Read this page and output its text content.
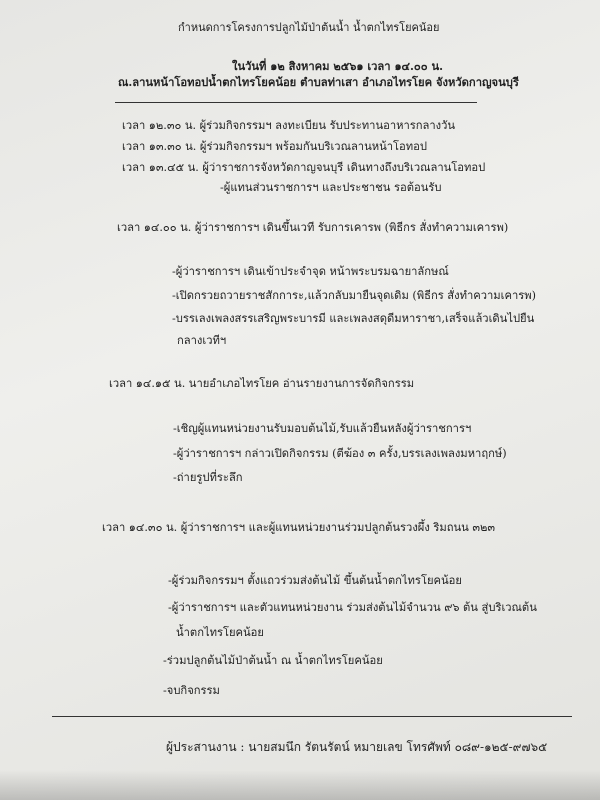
กำหนดการโครงการปลูกไม้ป่าต้นน้ำ น้ำตกไทรโยคน้อย
ในวันที่ ๑๒ สิงหาคม ๒๕๖๑ เวลา ๑๔.๐๐ น.
ณ.ลานหน้าโอทอปน้ำตกไทรโยคน้อย ตำบลท่าเสา อำเภอไทรโยค จังหวัดกาญจนบุรี
เวลา ๑๒.๓๐ น. ผู้ร่วมกิจกรรมฯ ลงทะเบียน รับประทานอาหารกลางวัน
เวลา ๑๓.๓๐ น. ผู้ร่วมกิจกรรมฯ พร้อมกันบริเวณลานหน้าโอทอป
เวลา ๑๓.๔๕ น. ผู้ว่าราชการจังหวัดกาญจนบุรี เดินทางถึงบริเวณลานโอทอป
-ผู้แทนส่วนราชการฯ และประชาชน รอต้อนรับ
เวลา ๑๔.๐๐ น. ผู้ว่าราชการฯ เดินขึ้นเวที รับการเคารพ (พิธีกร สั่งทำความเคารพ)
-ผู้ว่าราชการฯ เดินเข้าประจำจุด หน้าพระบรมฉายาลักษณ์
-เปิดกรวยถวายราชสักการะ,แล้วกลับมายืนจุดเดิม (พิธีกร สั่งทำความเคารพ)
-บรรเลงเพลงสรรเสริญพระบารมี และเพลงสดุดีมหาราชา,เสร็จแล้วเดินไปยืน
กลางเวทีฯ
เวลา ๑๔.๑๕ น. นายอำเภอไทรโยค อ่านรายงานการจัดกิจกรรม
-เชิญผู้แทนหน่วยงานรับมอบต้นไม้,รับแล้วยืนหลังผู้ว่าราชการฯ
-ผู้ว่าราชการฯ กล่าวเปิดกิจกรรม (ตีฆ้อง ๓ ครั้ง,บรรเลงเพลงมหาฤกษ์)
-ถ่ายรูปที่ระลึก
เวลา ๑๔.๓๐ น. ผู้ว่าราชการฯ และผู้แทนหน่วยงานร่วมปลูกต้นรวงผึ้ง ริมถนน ๓๒๓
-ผู้ร่วมกิจกรรมฯ ตั้งแถวร่วมส่งต้นไม้ ขึ้นต้นน้ำตกไทรโยคน้อย
-ผู้ว่าราชการฯ และตัวแทนหน่วยงาน ร่วมส่งต้นไม้จำนวน ๙๖ ต้น สู่บริเวณต้น
น้ำตกไทรโยคน้อย
-ร่วมปลูกต้นไม้ป่าต้นน้ำ ณ น้ำตกไทรโยคน้อย
-จบกิจกรรม
ผู้ประสานงาน : นายสมนึก รัตนรัตน์ หมายเลข โทรศัพท์ ๐๘๙-๑๒๕-๙๗๖๕
